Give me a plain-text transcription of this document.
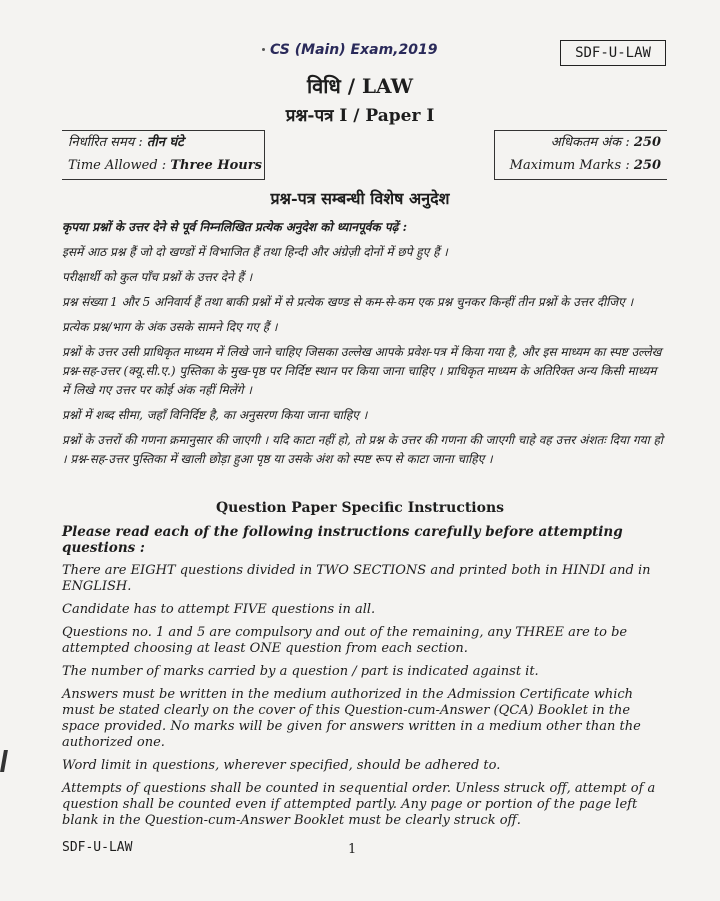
CS (Main) Exam,2019	SDF-U-LAW
विधि / LAW
प्रश्न-पत्र I / Paper I
निर्धारित समय : तीन घंटे
Time Allowed : Three Hours
अधिकतम अंक : 250
Maximum Marks : 250
प्रश्न-पत्र सम्बन्धी विशेष अनुदेश

कृपया प्रश्नों के उत्तर देने से पूर्व निम्नलिखित प्रत्येक अनुदेश को ध्यानपूर्वक पढ़ें :

इसमें आठ प्रश्न हैं जो दो खण्डों में विभाजित हैं तथा हिन्दी और अंग्रेज़ी दोनों में छपे हुए हैं ।

परीक्षार्थी को कुल पाँच प्रश्नों के उत्तर देने हैं ।

प्रश्न संख्या 1 और 5 अनिवार्य हैं तथा बाकी प्रश्नों में से प्रत्येक खण्ड से कम-से-कम एक प्रश्न चुनकर किन्हीं तीन प्रश्नों के उत्तर दीजिए ।

प्रत्येक प्रश्न/भाग के अंक उसके सामने दिए गए हैं ।

प्रश्नों के उत्तर उसी प्राधिकृत माध्यम में लिखे जाने चाहिए जिसका उल्लेख आपके प्रवेश-पत्र में किया गया है, और इस माध्यम का स्पष्ट उल्लेख प्रश्न-सह-उत्तर (क्यू.सी.ए.) पुस्तिका के मुख-पृष्ठ पर निर्दिष्ट स्थान पर किया जाना चाहिए । प्राधिकृत माध्यम के अतिरिक्त अन्य किसी माध्यम में लिखे गए उत्तर पर कोई अंक नहीं मिलेंगे ।

प्रश्नों में शब्द सीमा, जहाँ विनिर्दिष्ट है, का अनुसरण किया जाना चाहिए ।

प्रश्नों के उत्तरों की गणना क्रमानुसार की जाएगी । यदि काटा नहीं हो, तो प्रश्न के उत्तर की गणना की जाएगी चाहे वह उत्तर अंशतः दिया गया हो । प्रश्न-सह-उत्तर पुस्तिका में खाली छोड़ा हुआ पृष्ठ या उसके अंश को स्पष्ट रूप से काटा जाना चाहिए ।

Question Paper Specific Instructions

Please read each of the following instructions carefully before attempting questions :

There are EIGHT questions divided in TWO SECTIONS and printed both in HINDI and in ENGLISH.

Candidate has to attempt FIVE questions in all.

Questions no. 1 and 5 are compulsory and out of the remaining, any THREE are to be attempted choosing at least ONE question from each section.

The number of marks carried by a question / part is indicated against it.

Answers must be written in the medium authorized in the Admission Certificate which must be stated clearly on the cover of this Question-cum-Answer (QCA) Booklet in the space provided. No marks will be given for answers written in a medium other than the authorized one.

Word limit in questions, wherever specified, should be adhered to.

Attempts of questions shall be counted in sequential order. Unless struck off, attempt of a question shall be counted even if attempted partly. Any page or portion of the page left blank in the Question-cum-Answer Booklet must be clearly struck off.

SDF-U-LAW	1
